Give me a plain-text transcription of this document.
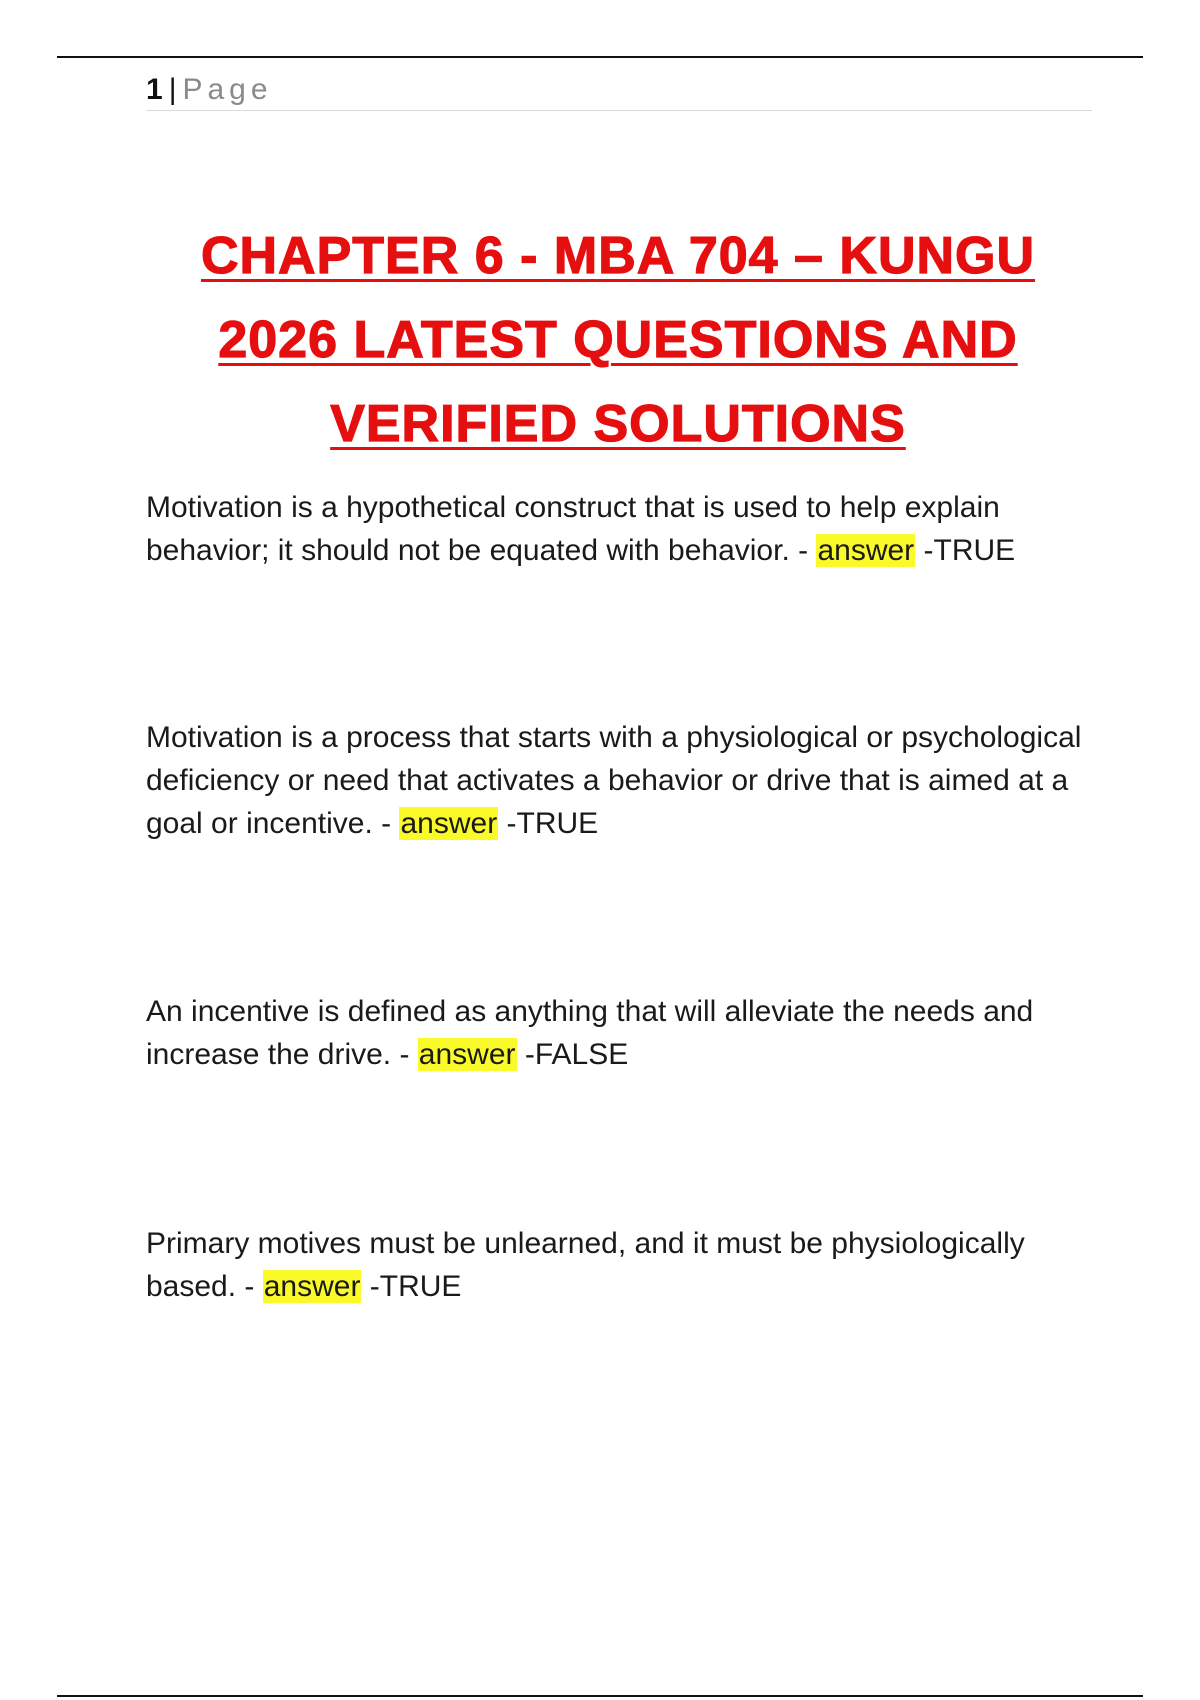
1 | Page
CHAPTER 6 - MBA 704 – KUNGU
2026 LATEST QUESTIONS AND
VERIFIED SOLUTIONS

Motivation is a hypothetical construct that is used to help explain behavior; it should not be equated with behavior. - answer -TRUE

Motivation is a process that starts with a physiological or psychological deficiency or need that activates a behavior or drive that is aimed at a goal or incentive. - answer -TRUE

An incentive is defined as anything that will alleviate the needs and increase the drive. - answer -FALSE

Primary motives must be unlearned, and it must be physiologically based. - answer -TRUE
